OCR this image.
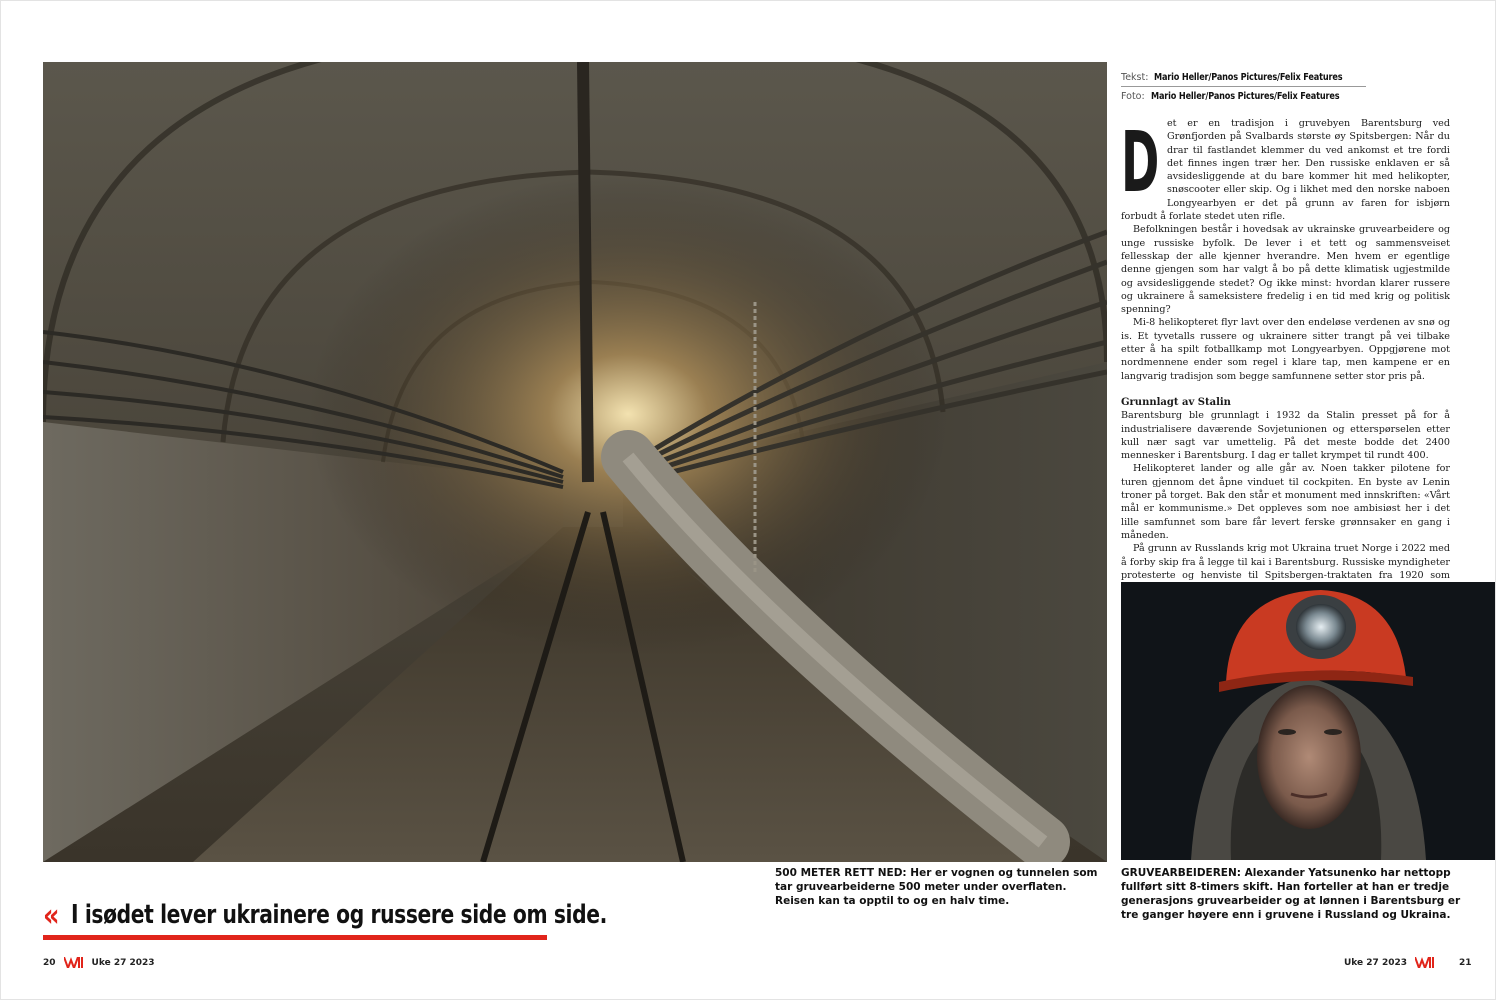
« I isødet lever ukrainere og russere side om side.
500 METER RETT NED: Her er vognen og tunnelen som tar gruvearbeiderne 500 meter under overflaten. Reisen kan ta opptil to og en halv time.
Tekst: Mario Heller/Panos Pictures/Felix Features
Foto: Mario Heller/Panos Pictures/Felix Features
D et er en tradisjon i gruvebyen Barentsburg ved Grønfjorden på Svalbards største øy Spitsbergen: Når du drar til fastlandet klemmer du ved ankomst et tre fordi det finnes ingen trær her. Den russiske enklaven er så avsidesliggende at du bare kommer hit med helikopter, snøscooter eller skip. Og i likhet med den norske naboen Longyearbyen er det på grunn av faren for isbjørn forbudt å forlate stedet uten rifle.

Befolkningen består i hovedsak av ukrainske gruvearbeidere og unge russiske byfolk. De lever i et tett og sammensveiset fellesskap der alle kjenner hverandre. Men hvem er egentlige denne gjengen som har valgt å bo på dette klimatisk ugjestmilde og avsidesliggende stedet? Og ikke minst: hvordan klarer russere og ukrainere å sameksistere fredelig i en tid med krig og politisk spenning?

Mi-8 helikopteret flyr lavt over den endeløse verdenen av snø og is. Et tyvetalls russere og ukrainere sitter trangt på vei tilbake etter å ha spilt fotballkamp mot Longyearbyen. Oppgjørene mot nordmennene ender som regel i klare tap, men kampene er en langvarig tradisjon som begge samfunnene setter stor pris på.

Grunnlagt av Stalin

Barentsburg ble grunnlagt i 1932 da Stalin presset på for å industrialisere daværende Sovjetunionen og etterspørselen etter kull nær sagt var umettelig. På det meste bodde det 2400 mennesker i Barentsburg. I dag er tallet krympet til rundt 400.

Helikopteret lander og alle går av. Noen takker pilotene for turen gjennom det åpne vinduet til cockpiten. En byste av Lenin troner på torget. Bak den står et monument med innskriften: «Vårt mål er kommunisme.» Det oppleves som noe ambisiøst her i det lille samfunnet som bare får levert ferske grønnsaker en gang i måneden.

På grunn av Russlands krig mot Ukraina truet Norge i 2022 med å forby skip fra å legge til kai i Barentsburg. Russiske myndigheter protesterte og henviste til Spitsbergen-traktaten fra 1920 som

GRUVEARBEIDEREN: Alexander Yatsunenko har nettopp fullført sitt 8-timers skift. Han forteller at han er tredje generasjons gruvearbeider og at lønnen i Barentsburg er tre ganger høyere enn i gruvene i Russland og Ukraina.
20	Uke 27 2023	Uke 27 2023	21
